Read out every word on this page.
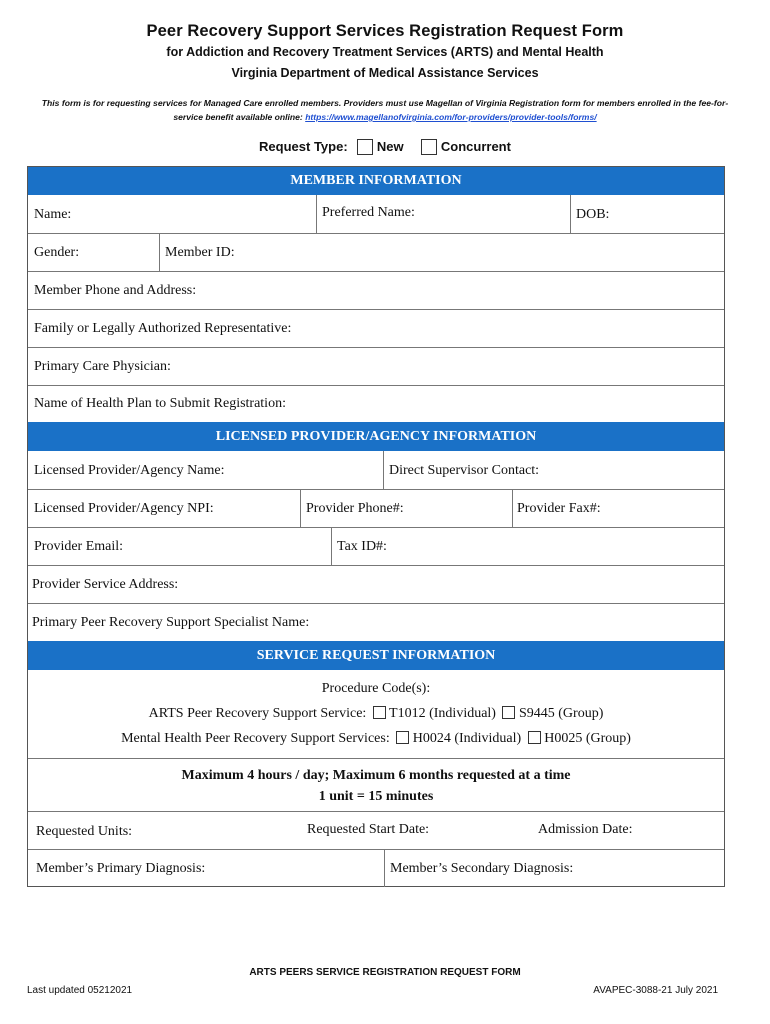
Peer Recovery Support Services Registration Request Form
for Addiction and Recovery Treatment Services (ARTS) and Mental Health
Virginia Department of Medical Assistance Services
This form is for requesting services for Managed Care enrolled members. Providers must use Magellan of Virginia Registration form for members enrolled in the fee-for-service benefit available online: https://www.magellanofvirginia.com/for-providers/provider-tools/forms/
Request Type: New	Concurrent
MEMBER INFORMATION
Name:	Preferred Name:	DOB:
Gender:	Member ID:
Member Phone and Address:
Family or Legally Authorized Representative:
Primary Care Physician:
Name of Health Plan to Submit Registration:
LICENSED PROVIDER/AGENCY INFORMATION
Licensed Provider/Agency Name:	Direct Supervisor Contact:
Licensed Provider/Agency NPI:	Provider Phone#:	Provider Fax#:
Provider Email:	Tax ID#:
Provider Service Address:
Primary Peer Recovery Support Specialist Name:
SERVICE REQUEST INFORMATION
Procedure Code(s):
ARTS Peer Recovery Support Service: T1012 (Individual) S9445 (Group)
Mental Health Peer Recovery Support Services: H0024 (Individual) H0025 (Group)
Maximum 4 hours / day; Maximum 6 months requested at a time
1 unit = 15 minutes
Requested Units:	Requested Start Date:	Admission Date:
Member’s Primary Diagnosis:	Member’s Secondary Diagnosis:
ARTS PEERS SERVICE REGISTRATION REQUEST FORM
Last updated 05212021	AVAPEC-3088-21 July 2021
